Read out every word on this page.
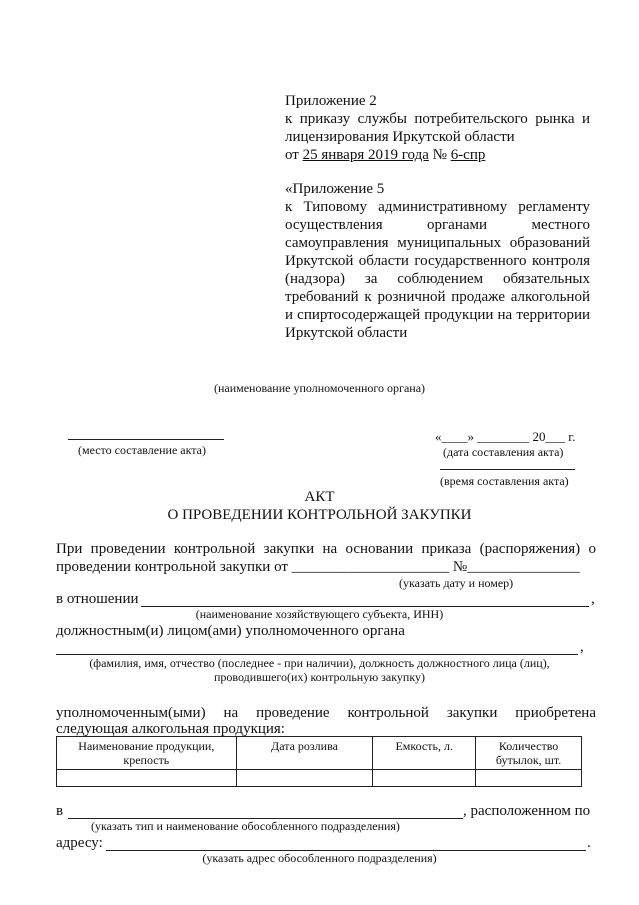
Приложение 2
к приказу службы потребительского рынка и
лицензирования Иркутской области
от 25 января 2019 года № 6-спр
«Приложение 5
к Типовому административному регламенту
осуществления органами местного
самоуправления муниципальных образований
Иркутской области государственного контроля
(надзора) за соблюдением обязательных
требований к розничной продаже алкогольной
и спиртосодержащей продукции на территории
Иркутской области
(наименование уполномоченного органа)
(место составление акта)
«____» ________ 20___ г.
(дата составления акта)
(время составления акта)
АКТ
О ПРОВЕДЕНИИ КОНТРОЛЬНОЙ ЗАКУПКИ
При проведении контрольной закупки на основании приказа (распоряжения) о
проведении контрольной закупки от _____________________ №_______________
(указать дату и номер)
в отношении	,
(наименование хозяйствующего субъекта, ИНН)
должностным(и) лицом(ами) уполномоченного органа
,
(фамилия, имя, отчество (последнее - при наличии), должность должностного лица (лиц),
проводившего(их) контрольную закупку)
уполномоченным(ыми) на проведение контрольной закупки приобретена
следующая алкогольная продукция:
Наименование продукции, крепость	Дата розлива	Емкость, л.	Количество бутылок, шт.

в	, расположенном по
(указать тип и наименование обособленного подразделения)
адресу:	.
(указать адрес обособленного подразделения)
